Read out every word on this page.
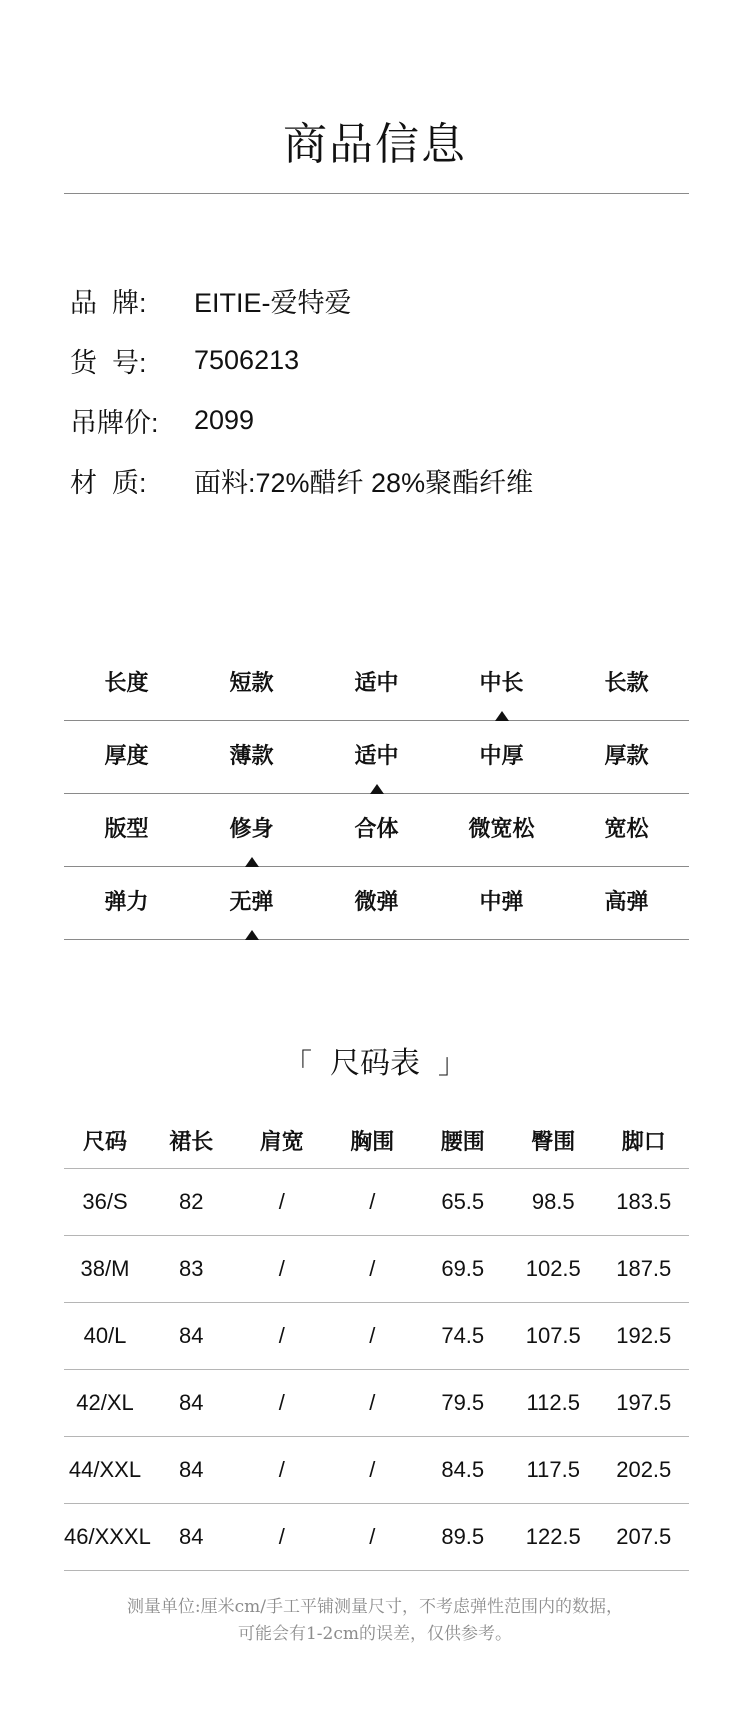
商品信息
品  牌:	EITIE-爱特爱
货  号:	7506213
吊牌价:	2099
材  质:	面料:72%醋纤 28%聚酯纤维
长度	短款	适中	中长	长款
厚度	薄款	适中	中厚	厚款
版型	修身	合体	微宽松	宽松
弹力	无弹	微弹	中弹	高弹
「 尺码表 」
尺码	裙长	肩宽	胸围	腰围	臀围	脚口
36/S	82	/	/	65.5	98.5	183.5
38/M	83	/	/	69.5	102.5	187.5
40/L	84	/	/	74.5	107.5	192.5
42/XL	84	/	/	79.5	112.5	197.5
44/XXL	84	/	/	84.5	117.5	202.5
46/XXXL	84	/	/	89.5	122.5	207.5
测量单位:厘米cm/手工平铺测量尺寸，不考虑弹性范围内的数据，
可能会有1-2cm的误差，仅供参考。
